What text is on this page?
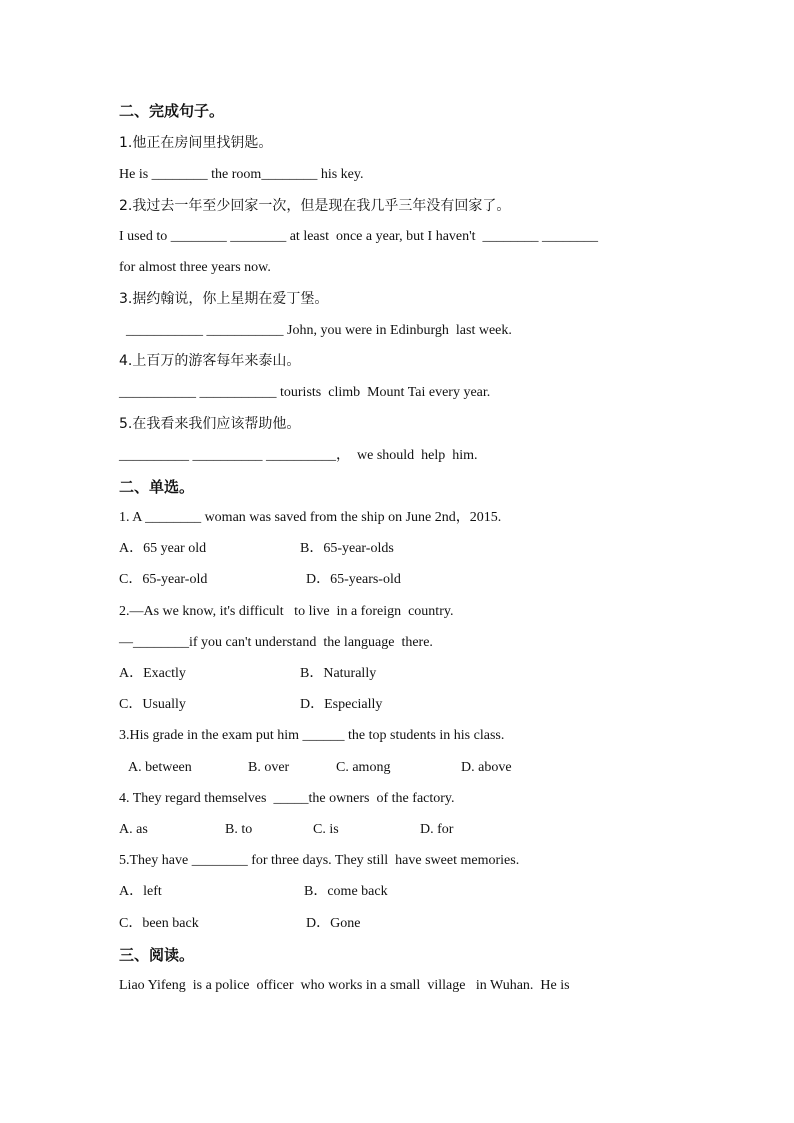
二、完成句子。
1.他正在房间里找钥匙。
He is ________ the room________ his key.
2.我过去一年至少回家一次，但是现在我几乎三年没有回家了。
I used to ________ ________ at least  once a year, but I haven't  ________ ________
for almost three years now.
3.据约翰说，你上星期在爱丁堡。
___________ ___________ John, you were in Edinburgh  last week.
4.上百万的游客每年来泰山。
___________ ___________ tourists  climb  Mount Tai every year.
5.在我看来我们应该帮助他。
__________ __________ __________，  we should  help  him.
二、单选。
1. A ________ woman was saved from the ship on June 2nd，2015.
A．65 year old	B．65-year-olds
C．65-year-old	D．65-years-old
2.—As we know, it's difficult   to live  in a foreign  country.
—________if you can't understand  the language  there.
A．Exactly	B．Naturally
C．Usually	D．Especially
3.His grade in the exam put him ______ the top students in his class.
A. between	B. over	C. among	D. above
4. They regard themselves  _____the owners  of the factory.
A. as	B. to	C. is	D. for
5.They have ________ for three days. They still  have sweet memories.
A．left	B．come back
C．been back	D．Gone
三、阅读。
Liao Yifeng  is a police  officer  who works in a small  village   in Wuhan.  He is
